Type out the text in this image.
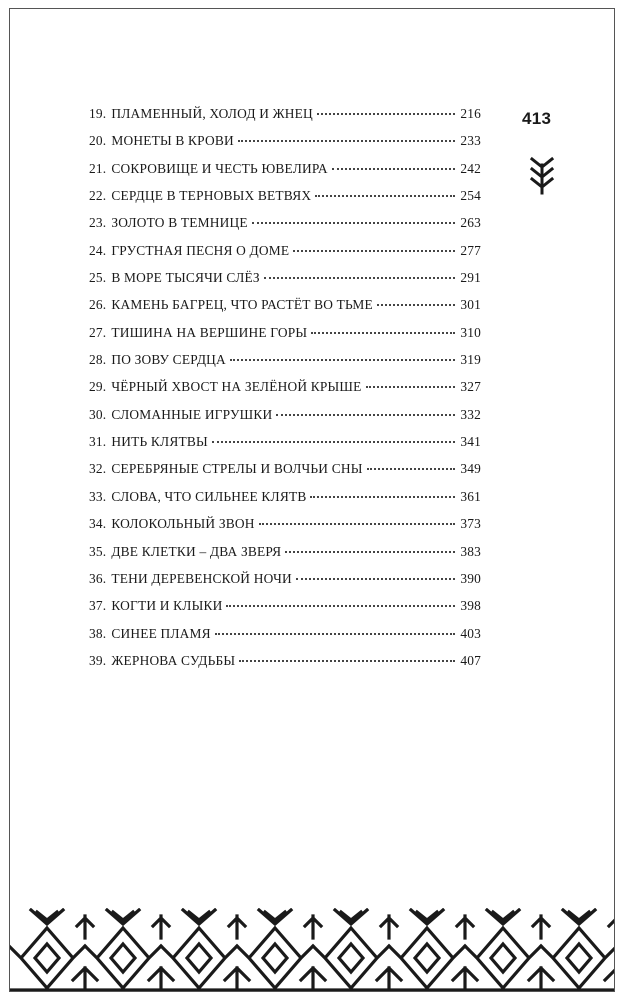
19. ПЛАМЕННЫЙ, ХОЛОД И ЖНЕЦ	216
20. МОНЕТЫ В КРОВИ	233
21. СОКРОВИЩЕ И ЧЕСТЬ ЮВЕЛИРА	242
22. СЕРДЦЕ В ТЕРНОВЫХ ВЕТВЯХ	254
23. ЗОЛОТО В ТЕМНИЦЕ	263
24. ГРУСТНАЯ ПЕСНЯ О ДОМЕ	277
25. В МОРЕ ТЫСЯЧИ СЛЁЗ	291
26. КАМЕНЬ БАГРЕЦ, ЧТО РАСТЁТ ВО ТЬМЕ	301
27. ТИШИНА НА ВЕРШИНЕ ГОРЫ	310
28. ПО ЗОВУ СЕРДЦА	319
29. ЧЁРНЫЙ ХВОСТ НА ЗЕЛЁНОЙ КРЫШЕ	327
30. СЛОМАННЫЕ ИГРУШКИ	332
31. НИТЬ КЛЯТВЫ	341
32. СЕРЕБРЯНЫЕ СТРЕЛЫ И ВОЛЧЬИ СНЫ	349
33. СЛОВА, ЧТО СИЛЬНЕЕ КЛЯТВ	361
34. КОЛОКОЛЬНЫЙ ЗВОН	373
35. ДВЕ КЛЕТКИ – ДВА ЗВЕРЯ	383
36. ТЕНИ ДЕРЕВЕНСКОЙ НОЧИ	390
37. КОГТИ И КЛЫКИ	398
38. СИНЕЕ ПЛАМЯ	403
39. ЖЕРНОВА СУДЬБЫ	407
413
